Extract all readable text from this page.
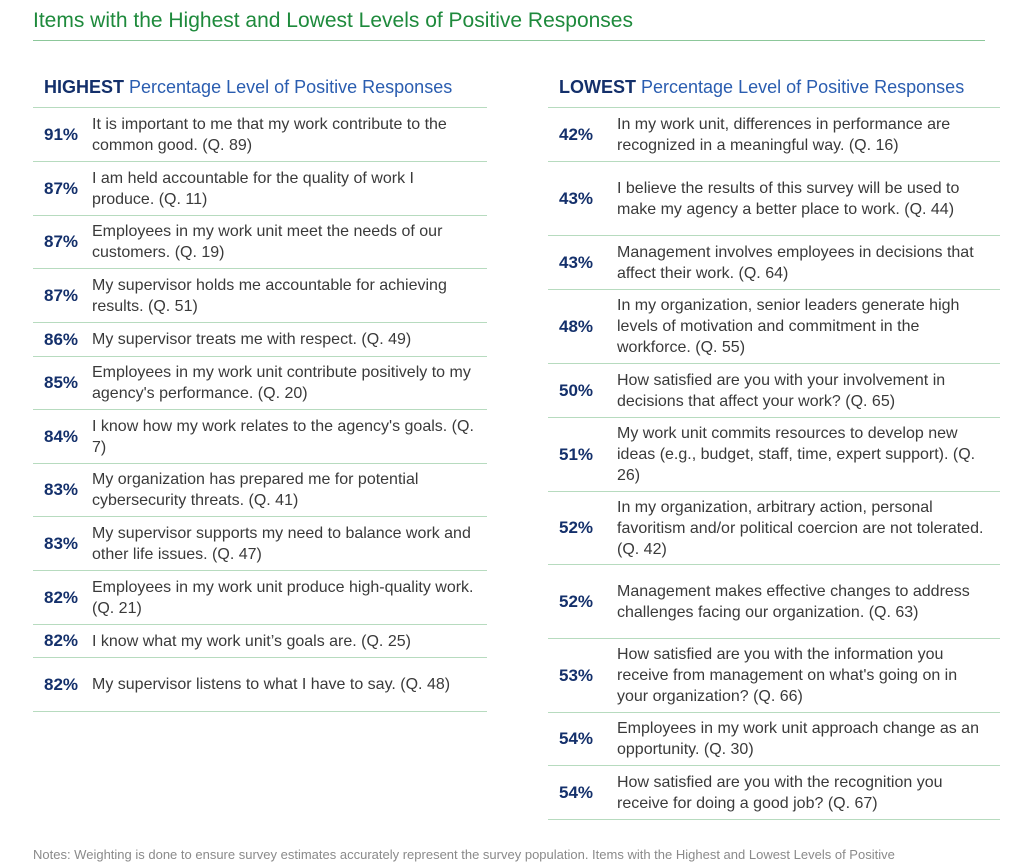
Items with the Highest and Lowest Levels of Positive Responses
HIGHEST Percentage Level of Positive Responses
91%
It is important to me that my work contribute to the common good. (Q. 89)
87%
I am held accountable for the quality of work I produce. (Q. 11)
87%
Employees in my work unit meet the needs of our customers. (Q. 19)
87%
My supervisor holds me accountable for achieving results. (Q. 51)
86% My supervisor treats me with respect. (Q. 49)
85%
Employees in my work unit contribute positively to my agency's performance. (Q. 20)
84%
I know how my work relates to the agency's goals. (Q. 7)
83%
My organization has prepared me for potential cybersecurity threats. (Q. 41)
83%
My supervisor supports my need to balance work and other life issues. (Q. 47)
82%
Employees in my work unit produce high-quality work. (Q. 21)
82% I know what my work unit’s goals are. (Q. 25)
82% My supervisor listens to what I have to say. (Q. 48)
LOWEST Percentage Level of Positive Responses
42%
In my work unit, differences in performance are recognized in a meaningful way. (Q. 16)
43%
I believe the results of this survey will be used to make my agency a better place to work. (Q. 44)
43%
Management involves employees in decisions that affect their work. (Q. 64)
48%
In my organization, senior leaders generate high levels of motivation and commitment in the workforce. (Q. 55)
50%
How satisfied are you with your involvement in decisions that affect your work? (Q. 65)
51%
My work unit commits resources to develop new ideas (e.g., budget, staff, time, expert support). (Q. 26)
52%
In my organization, arbitrary action, personal favoritism and/or political coercion are not tolerated. (Q. 42)
52%
Management makes effective changes to address challenges facing our organization. (Q. 63)
53%
How satisfied are you with the information you receive from management on what's going on in your organization? (Q. 66)
54%
Employees in my work unit approach change as an opportunity. (Q. 30)
54%
How satisfied are you with the recognition you receive for doing a good job? (Q. 67)
Notes: Weighting is done to ensure survey estimates accurately represent the survey population. Items with the Highest and Lowest Levels of Positive
